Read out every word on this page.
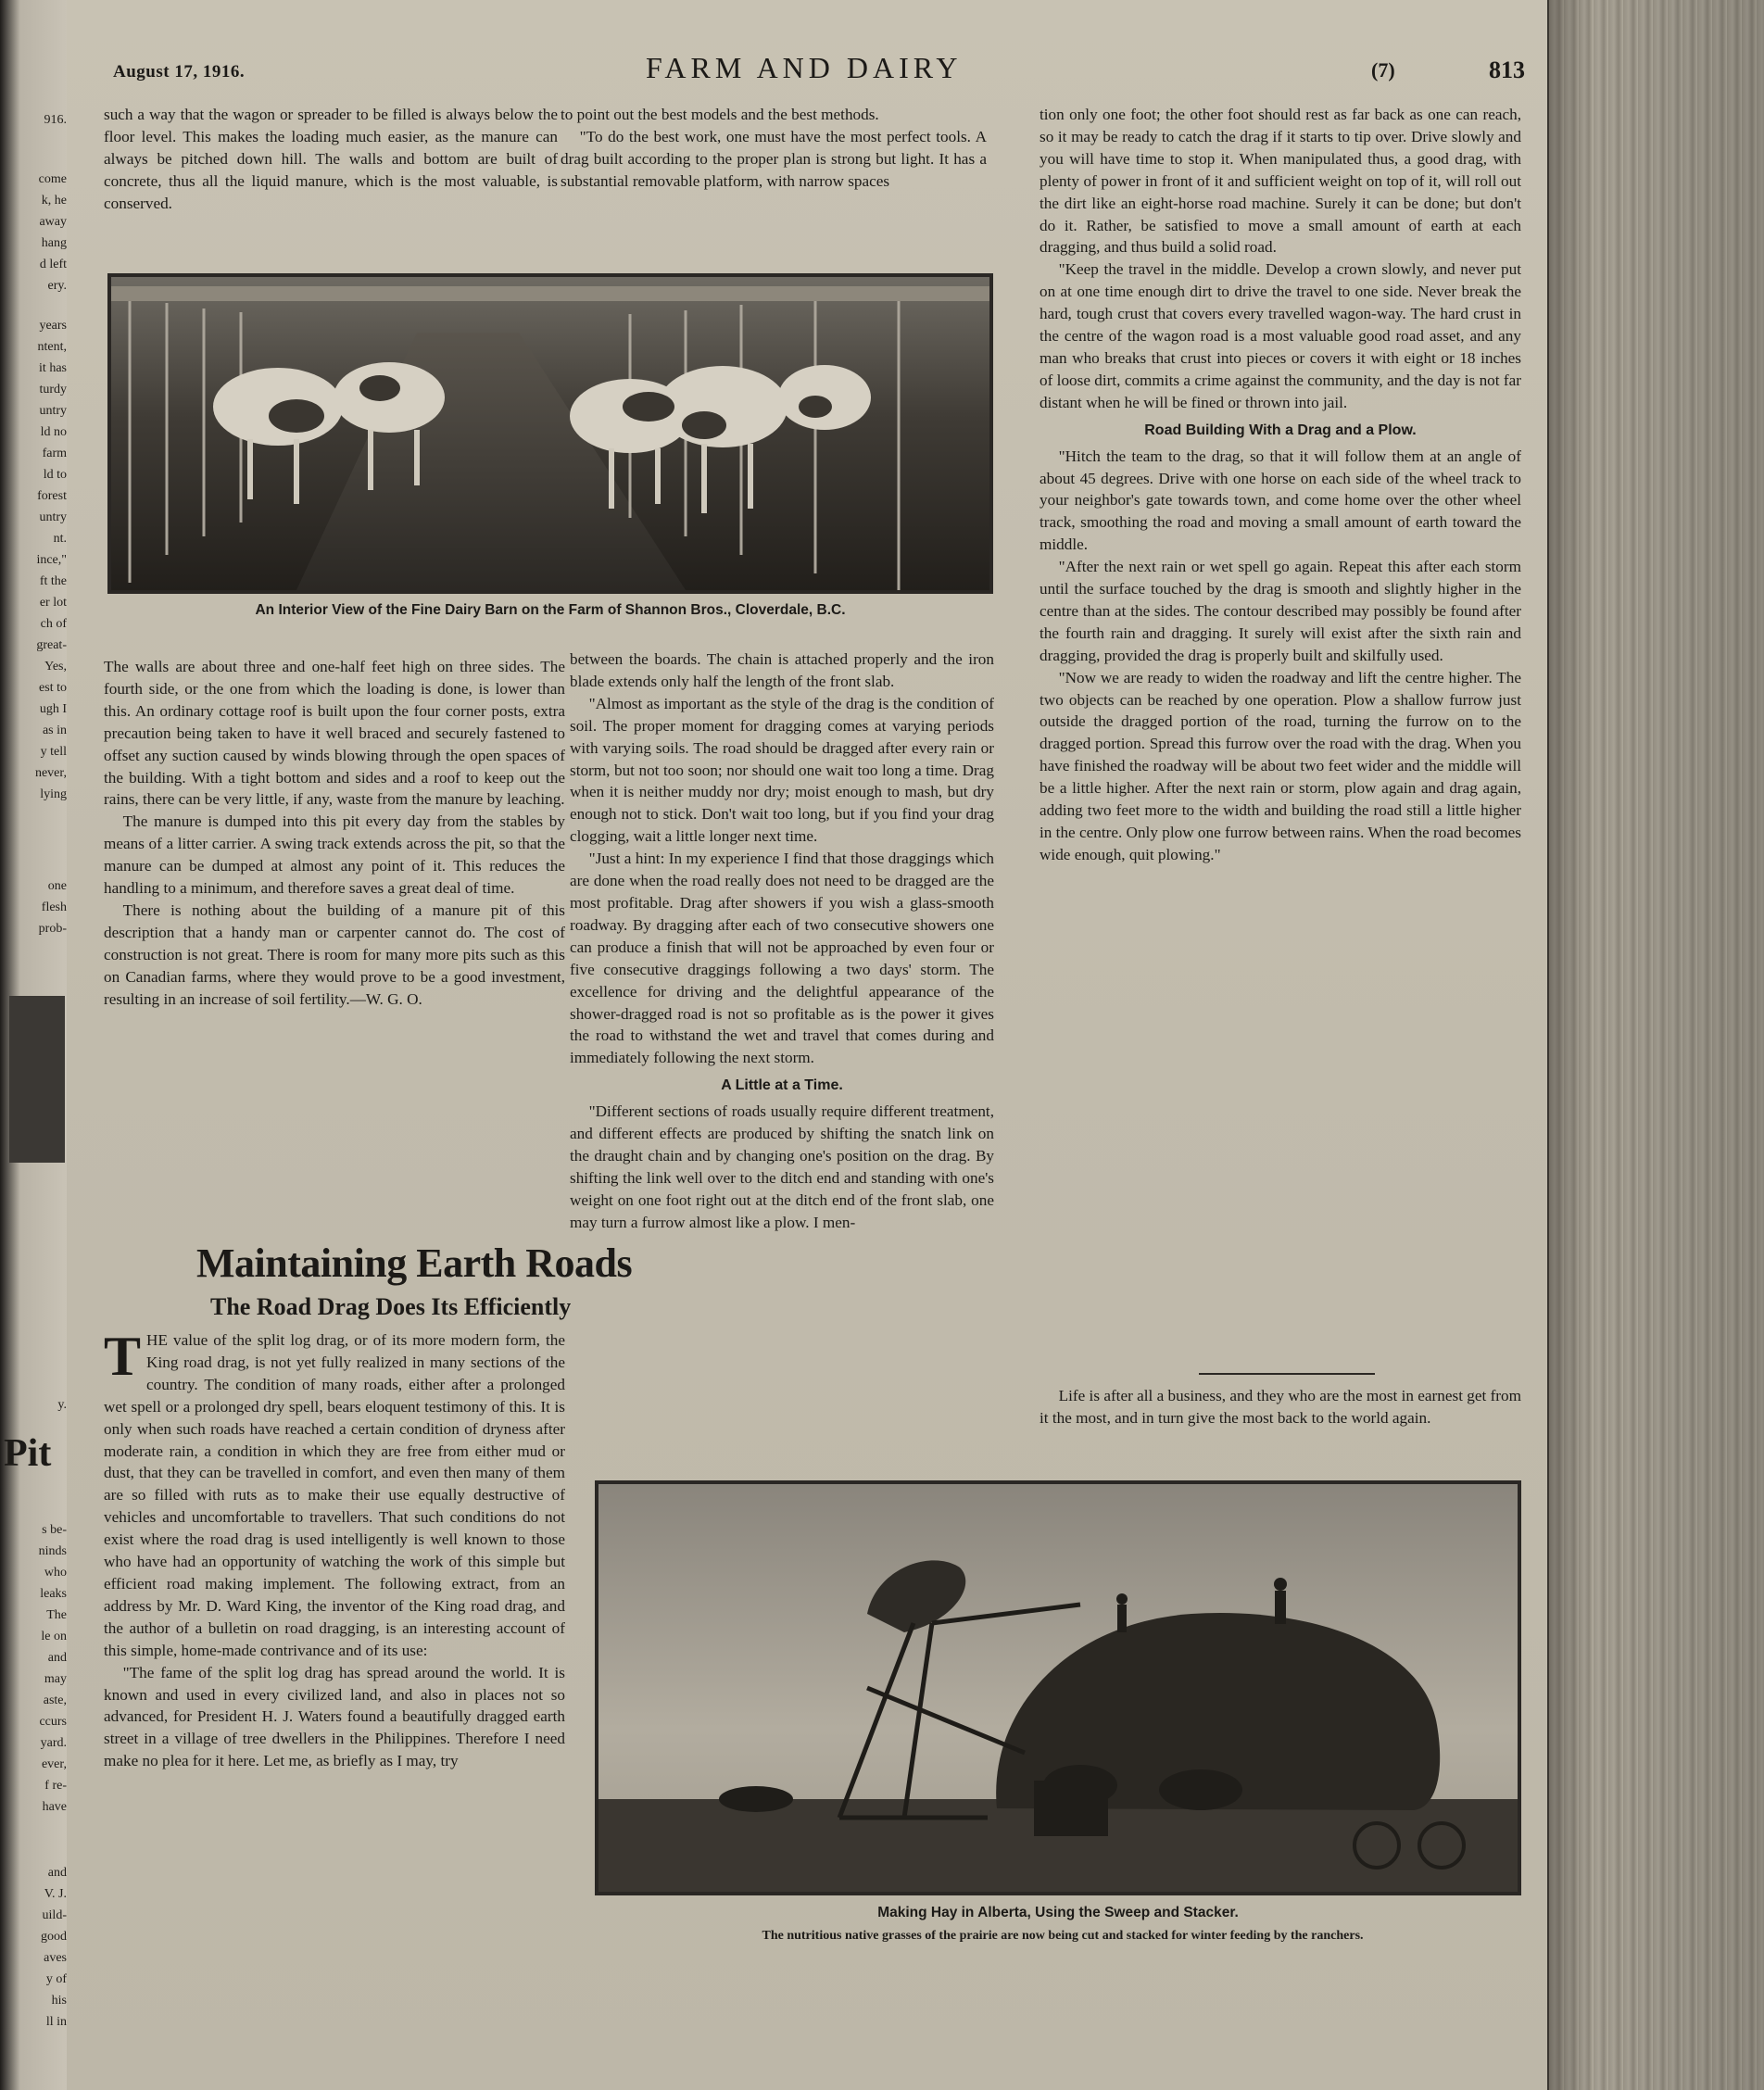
916.
come
k, he
away
hang
d left
ery.
years
ntent,
it has
turdy
untry
ld no
farm
ld to
forest
untry
nt.
ince,"
ft the
er lot
ch of
great-
Yes,
est to
ugh I
as in
y tell
never,
lying
one
flesh
prob-
y.
Pit
s be-
ninds
who
leaks
The
le on
and
may
aste,
ccurs
yard.
ever,
f re-
have
and
V. J.
uild-
good
aves
y of
his
ll in
August 17, 1916.	FARM AND DAIRY	(7)	813

such a way that the wagon or spreader to be filled is always below the floor level. This makes the loading much easier, as the manure can always be pitched down hill. The walls and bottom are built of concrete, thus all the liquid manure, which is the most valuable, is conserved.

to point out the best models and the best methods.

"To do the best work, one must have the most perfect tools. A drag built according to the proper plan is strong but light. It has a substantial removable platform, with narrow spaces

An Interior View of the Fine Dairy Barn on the Farm of Shannon Bros., Cloverdale, B.C.

tion only one foot; the other foot should rest as far back as one can reach, so it may be ready to catch the drag if it starts to tip over. Drive slowly and you will have time to stop it. When manipulated thus, a good drag, with plenty of power in front of it and sufficient weight on top of it, will roll out the dirt like an eight-horse road machine. Surely it can be done; but don't do it. Rather, be satisfied to move a small amount of earth at each dragging, and thus build a solid road.

"Keep the travel in the middle. Develop a crown slowly, and never put on at one time enough dirt to drive the travel to one side. Never break the hard, tough crust that covers every travelled wagon-way. The hard crust in the centre of the wagon road is a most valuable good road asset, and any man who breaks that crust into pieces or covers it with eight or 18 inches of loose dirt, commits a crime against the community, and the day is not far distant when he will be fined or thrown into jail.

Road Building With a Drag and a Plow.

"Hitch the team to the drag, so that it will follow them at an angle of about 45 degrees. Drive with one horse on each side of the wheel track to your neighbor's gate towards town, and come home over the other wheel track, smoothing the road and moving a small amount of earth toward the middle.

"After the next rain or wet spell go again. Repeat this after each storm until the surface touched by the drag is smooth and slightly higher in the centre than at the sides. The contour described may possibly be found after the fourth rain and dragging. It surely will exist after the sixth rain and dragging, provided the drag is properly built and skilfully used.

"Now we are ready to widen the roadway and lift the centre higher. The two objects can be reached by one operation. Plow a shallow furrow just outside the dragged portion of the road, turning the furrow on to the dragged portion. Spread this furrow over the road with the drag. When you have finished the roadway will be about two feet wider and the middle will be a little higher. After the next rain or storm, plow again and drag again, adding two feet more to the width and building the road still a little higher in the centre. Only plow one furrow between rains. When the road becomes wide enough, quit plowing."

Life is after all a business, and they who are the most in earnest get from it the most, and in turn give the most back to the world again.

The walls are about three and one-half feet high on three sides. The fourth side, or the one from which the loading is done, is lower than this. An ordinary cottage roof is built upon the four corner posts, extra precaution being taken to have it well braced and securely fastened to offset any suction caused by winds blowing through the open spaces of the building. With a tight bottom and sides and a roof to keep out the rains, there can be very little, if any, waste from the manure by leaching.

The manure is dumped into this pit every day from the stables by means of a litter carrier. A swing track extends across the pit, so that the manure can be dumped at almost any point of it. This reduces the handling to a minimum, and therefore saves a great deal of time.

There is nothing about the building of a manure pit of this description that a handy man or carpenter cannot do. The cost of construction is not great. There is room for many more pits such as this on Canadian farms, where they would prove to be a good investment, resulting in an increase of soil fertility.—W. G. O.

Maintaining Earth Roads
The Road Drag Does Its Efficiently

THE value of the split log drag, or of its more modern form, the King road drag, is not yet fully realized in many sections of the country. The condition of many roads, either after a prolonged wet spell or a prolonged dry spell, bears eloquent testimony of this. It is only when such roads have reached a certain condition of dryness after moderate rain, a condition in which they are free from either mud or dust, that they can be travelled in comfort, and even then many of them are so filled with ruts as to make their use equally destructive of vehicles and uncomfortable to travellers. That such conditions do not exist where the road drag is used intelligently is well known to those who have had an opportunity of watching the work of this simple but efficient road making implement. The following extract, from an address by Mr. D. Ward King, the inventor of the King road drag, and the author of a bulletin on road dragging, is an interesting account of this simple, home-made contrivance and of its use:

"The fame of the split log drag has spread around the world. It is known and used in every civilized land, and also in places not so advanced, for President H. J. Waters found a beautifully dragged earth street in a village of tree dwellers in the Philippines. Therefore I need make no plea for it here. Let me, as briefly as I may, try

between the boards. The chain is attached properly and the iron blade extends only half the length of the front slab.

"Almost as important as the style of the drag is the condition of soil. The proper moment for dragging comes at varying periods with varying soils. The road should be dragged after every rain or storm, but not too soon; nor should one wait too long a time. Drag when it is neither muddy nor dry; moist enough to mash, but dry enough not to stick. Don't wait too long, but if you find your drag clogging, wait a little longer next time.

"Just a hint: In my experience I find that those draggings which are done when the road really does not need to be dragged are the most profitable. Drag after showers if you wish a glass-smooth roadway. By dragging after each of two consecutive showers one can produce a finish that will not be approached by even four or five consecutive draggings following a two days' storm. The excellence for driving and the delightful appearance of the shower-dragged road is not so profitable as is the power it gives the road to withstand the wet and travel that comes during and immediately following the next storm.

A Little at a Time.

"Different sections of roads usually require different treatment, and different effects are produced by shifting the snatch link on the draught chain and by changing one's position on the drag. By shifting the link well over to the ditch end and standing with one's weight on one foot right out at the ditch end of the front slab, one may turn a furrow almost like a plow. I men-

Making Hay in Alberta, Using the Sweep and Stacker.
The nutritious native grasses of the prairie are now being cut and stacked for winter feeding by the ranchers.
